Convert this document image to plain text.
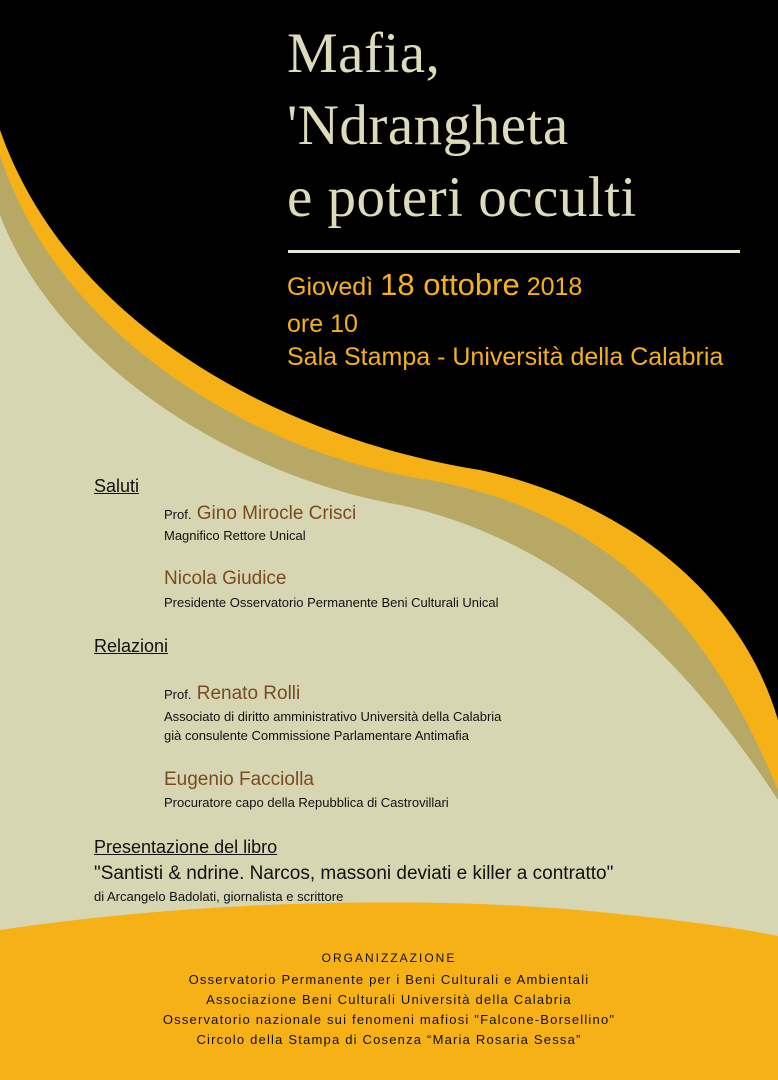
Mafia,
'Ndrangheta
e poteri occulti
Giovedì 18 ottobre 2018
ore 10
Sala Stampa - Università della Calabria
Saluti
Prof. Gino Mirocle Crisci
Magnifico Rettore Unical
Nicola Giudice
Presidente Osservatorio Permanente Beni Culturali Unical
Relazioni
Prof. Renato Rolli
Associato di diritto amministrativo Università della Calabria
già consulente Commissione Parlamentare Antimafia
Eugenio Facciolla
Procuratore capo della Repubblica di Castrovillari
Presentazione del libro
"Santisti & ndrine. Narcos, massoni deviati e killer a contratto"
di Arcangelo Badolati, giornalista e scrittore
ORGANIZZAZIONE
Osservatorio Permanente per i Beni Culturali e Ambientali
Associazione Beni Culturali Università della Calabria
Osservatorio nazionale sui fenomeni mafiosi "Falcone-Borsellino"
Circolo della Stampa di Cosenza “Maria Rosaria Sessa”
